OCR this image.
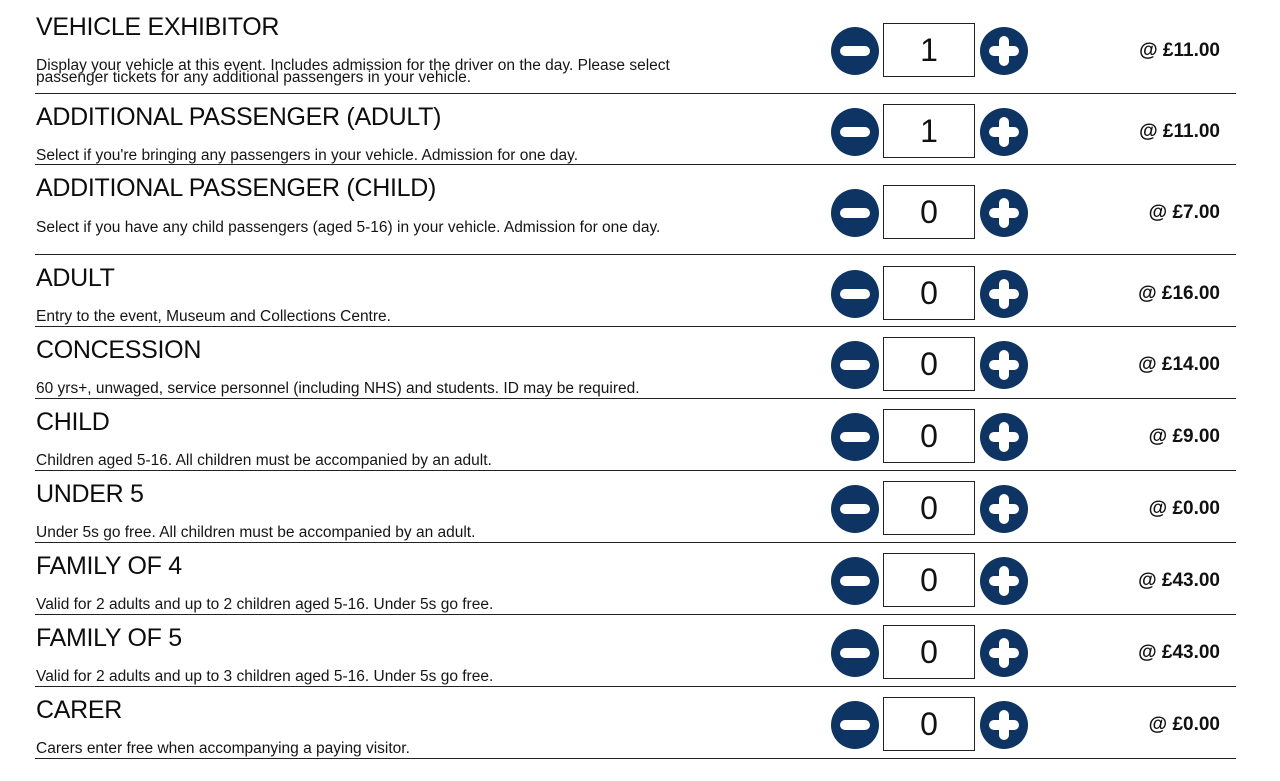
VEHICLE EXHIBITOR
Display your vehicle at this event. Includes admission for the driver on the day. Please select passenger tickets for any additional passengers in your vehicle.
1
@ £11.00
ADDITIONAL PASSENGER (ADULT)
Select if you're bringing any passengers in your vehicle. Admission for one day.
1
@ £11.00
ADDITIONAL PASSENGER (CHILD)
Select if you have any child passengers (aged 5-16) in your vehicle. Admission for one day.
0
@ £7.00
ADULT
Entry to the event, Museum and Collections Centre.
0
@ £16.00
CONCESSION
60 yrs+, unwaged, service personnel (including NHS) and students. ID may be required.
0
@ £14.00
CHILD
Children aged 5-16. All children must be accompanied by an adult.
0
@ £9.00
UNDER 5
Under 5s go free. All children must be accompanied by an adult.
0
@ £0.00
FAMILY OF 4
Valid for 2 adults and up to 2 children aged 5-16. Under 5s go free.
0
@ £43.00
FAMILY OF 5
Valid for 2 adults and up to 3 children aged 5-16. Under 5s go free.
0
@ £43.00
CARER
Carers enter free when accompanying a paying visitor.
0
@ £0.00
